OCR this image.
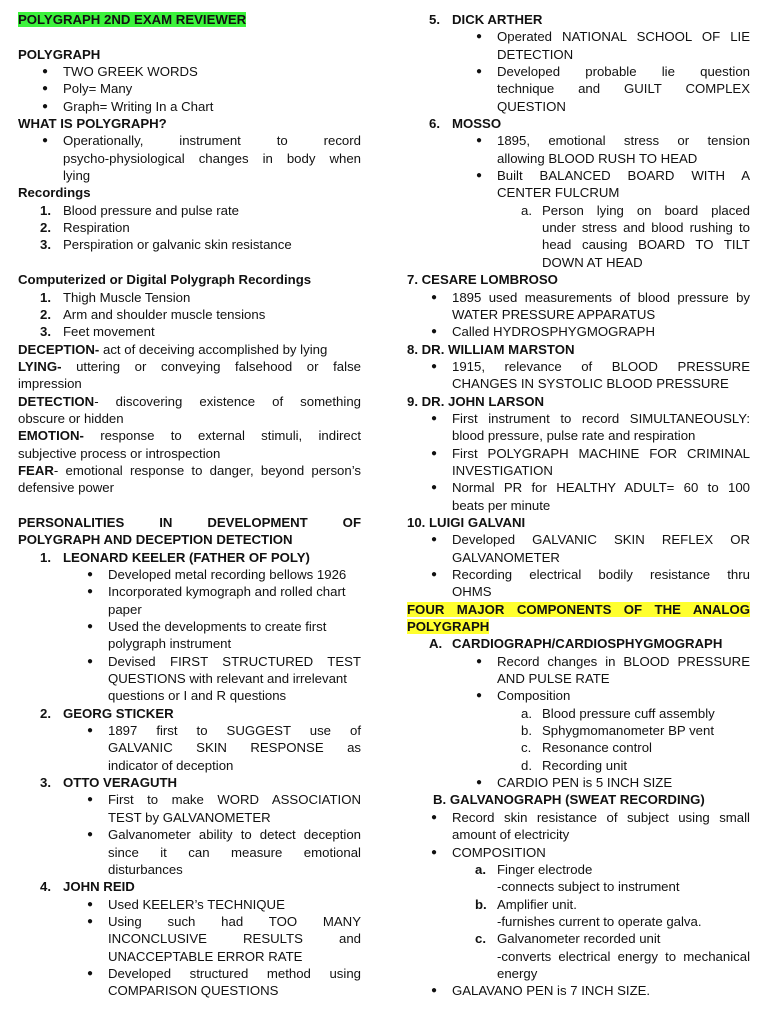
POLYGRAPH 2ND EXAM REVIEWER

POLYGRAPH

● TWO GREEK WORDS

● Poly= Many

● Graph= Writing In a Chart

WHAT IS POLYGRAPH?

● Operationally, instrument to record

psycho-physiological changes in body when

lying

Recordings

1. Blood pressure and pulse rate

2. Respiration

3. Perspiration or galvanic skin resistance

Computerized or Digital Polygraph Recordings

1. Thigh Muscle Tension

2. Arm and shoulder muscle tensions

3. Feet movement

DECEPTION- act of deceiving accomplished by lying

LYING- uttering or conveying falsehood or false

impression

DETECTION- discovering existence of something

obscure or hidden

EMOTION- response to external stimuli, indirect

subjective process or introspection

FEAR- emotional response to danger, beyond person’s

defensive power

PERSONALITIES IN DEVELOPMENT OF

POLYGRAPH AND DECEPTION DETECTION

1. LEONARD KEELER (FATHER OF POLY)

● Developed metal recording bellows 1926

● Incorporated kymograph and rolled chart

paper

● Used the developments to create first

polygraph instrument

● Devised FIRST STRUCTURED TEST

QUESTIONS with relevant and irrelevant

questions or I and R questions

2. GEORG STICKER

● 1897 first to SUGGEST use of

GALVANIC SKIN RESPONSE as

indicator of deception

3. OTTO VERAGUTH

● First to make WORD ASSOCIATION

TEST by GALVANOMETER

● Galvanometer ability to detect deception

since it can measure emotional

disturbances

4. JOHN REID

● Used KEELER’s TECHNIQUE

● Using such had TOO MANY

INCONCLUSIVE RESULTS and

UNACCEPTABLE ERROR RATE

● Developed structured method using

COMPARISON QUESTIONS

5. DICK ARTHER

● Operated NATIONAL SCHOOL OF LIE

DETECTION

● Developed probable lie question

technique and GUILT COMPLEX

QUESTION

6. MOSSO

● 1895, emotional stress or tension

allowing BLOOD RUSH TO HEAD

● Built BALANCED BOARD WITH A

CENTER FULCRUM

a. Person lying on board placed

under stress and blood rushing to

head causing BOARD TO TILT

DOWN AT HEAD

7. CESARE LOMBROSO

● 1895 used measurements of blood pressure by

WATER PRESSURE APPARATUS

● Called HYDROSPHYGMOGRAPH

8. DR. WILLIAM MARSTON

● 1915, relevance of BLOOD PRESSURE

CHANGES IN SYSTOLIC BLOOD PRESSURE

9. DR. JOHN LARSON

● First instrument to record SIMULTANEOUSLY:

blood pressure, pulse rate and respiration

● First POLYGRAPH MACHINE FOR CRIMINAL

INVESTIGATION

● Normal PR for HEALTHY ADULT= 60 to 100

beats per minute

10. LUIGI GALVANI

● Developed GALVANIC SKIN REFLEX OR

GALVANOMETER

● Recording electrical bodily resistance thru

OHMS

FOUR MAJOR COMPONENTS OF THE ANALOG

POLYGRAPH

A. CARDIOGRAPH/CARDIOSPHYGMOGRAPH

● Record changes in BLOOD PRESSURE

AND PULSE RATE

● Composition

a. Blood pressure cuff assembly

b. Sphygmomanometer BP vent

c. Resonance control

d. Recording unit

● CARDIO PEN is 5 INCH SIZE

B. GALVANOGRAPH (SWEAT RECORDING)

● Record skin resistance of subject using small

amount of electricity

● COMPOSITION

a. Finger electrode

-connects subject to instrument

b. Amplifier unit.

-furnishes current to operate galva.

c. Galvanometer recorded unit

-converts electrical energy to mechanical

energy

● GALAVANO PEN is 7 INCH SIZE.
